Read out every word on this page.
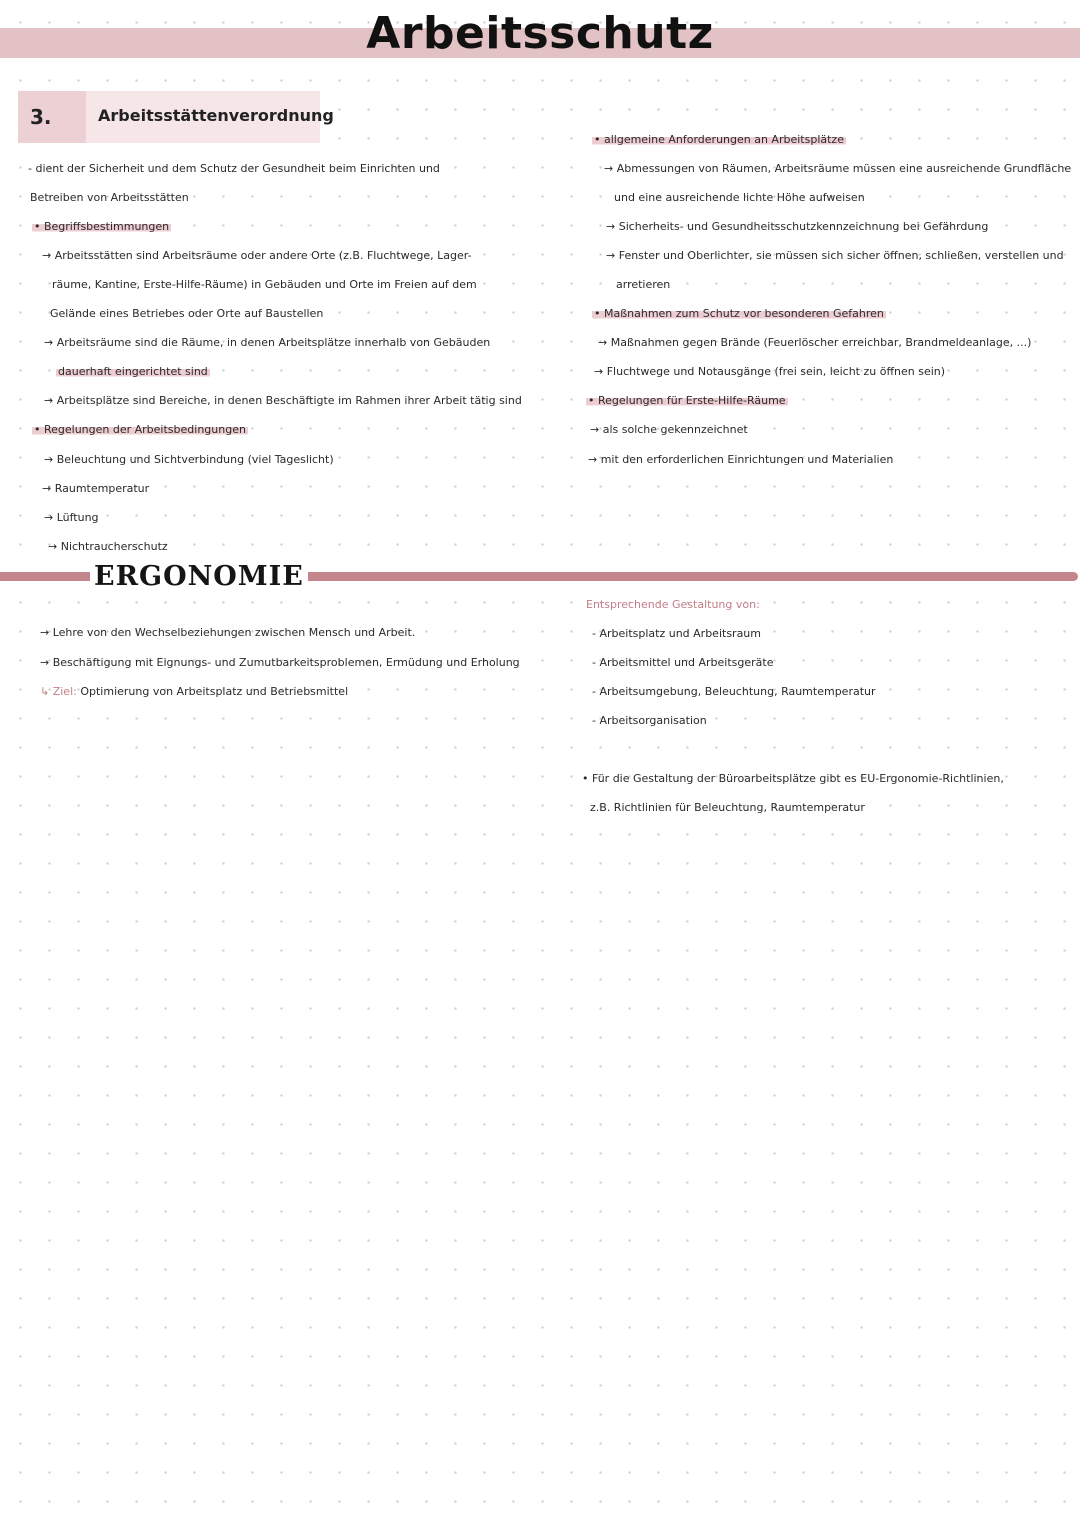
Arbeitsschutz
3.	Arbeitsstättenverordnung
- dient der Sicherheit und dem Schutz der Gesundheit beim Einrichten und
Betreiben von Arbeitsstätten
• Begriffsbestimmungen
→ Arbeitsstätten sind Arbeitsräume oder andere Orte (z.B. Fluchtwege, Lager-
räume, Kantine, Erste-Hilfe-Räume) in Gebäuden und Orte im Freien auf dem
Gelände eines Betriebes oder Orte auf Baustellen
→ Arbeitsräume sind die Räume, in denen Arbeitsplätze innerhalb von Gebäuden
dauerhaft eingerichtet sind
→ Arbeitsplätze sind Bereiche, in denen Beschäftigte im Rahmen ihrer Arbeit tätig sind
• Regelungen der Arbeitsbedingungen
→ Beleuchtung und Sichtverbindung (viel Tageslicht)
→ Raumtemperatur
→ Lüftung
→ Nichtraucherschutz
• allgemeine Anforderungen an Arbeitsplätze
→ Abmessungen von Räumen, Arbeitsräume müssen eine ausreichende Grundfläche
und eine ausreichende lichte Höhe aufweisen
→ Sicherheits- und Gesundheitsschutzkennzeichnung bei Gefährdung
→ Fenster und Oberlichter, sie müssen sich sicher öffnen, schließen, verstellen und
arretieren
• Maßnahmen zum Schutz vor besonderen Gefahren
→ Maßnahmen gegen Brände (Feuerlöscher erreichbar, Brandmeldeanlage, ...)
→ Fluchtwege und Notausgänge (frei sein, leicht zu öffnen sein)
• Regelungen für Erste-Hilfe-Räume
→ als solche gekennzeichnet
→ mit den erforderlichen Einrichtungen und Materialien
ERGONOMIE
→ Lehre von den Wechselbeziehungen zwischen Mensch und Arbeit.
→ Beschäftigung mit Eignungs- und Zumutbarkeitsproblemen, Ermüdung und Erholung
↳ Ziel: Optimierung von Arbeitsplatz und Betriebsmittel
Entsprechende Gestaltung von:
- Arbeitsplatz und Arbeitsraum
- Arbeitsmittel und Arbeitsgeräte
- Arbeitsumgebung, Beleuchtung, Raumtemperatur
- Arbeitsorganisation
• Für die Gestaltung der Büroarbeitsplätze gibt es EU-Ergonomie-Richtlinien,
z.B. Richtlinien für Beleuchtung, Raumtemperatur
